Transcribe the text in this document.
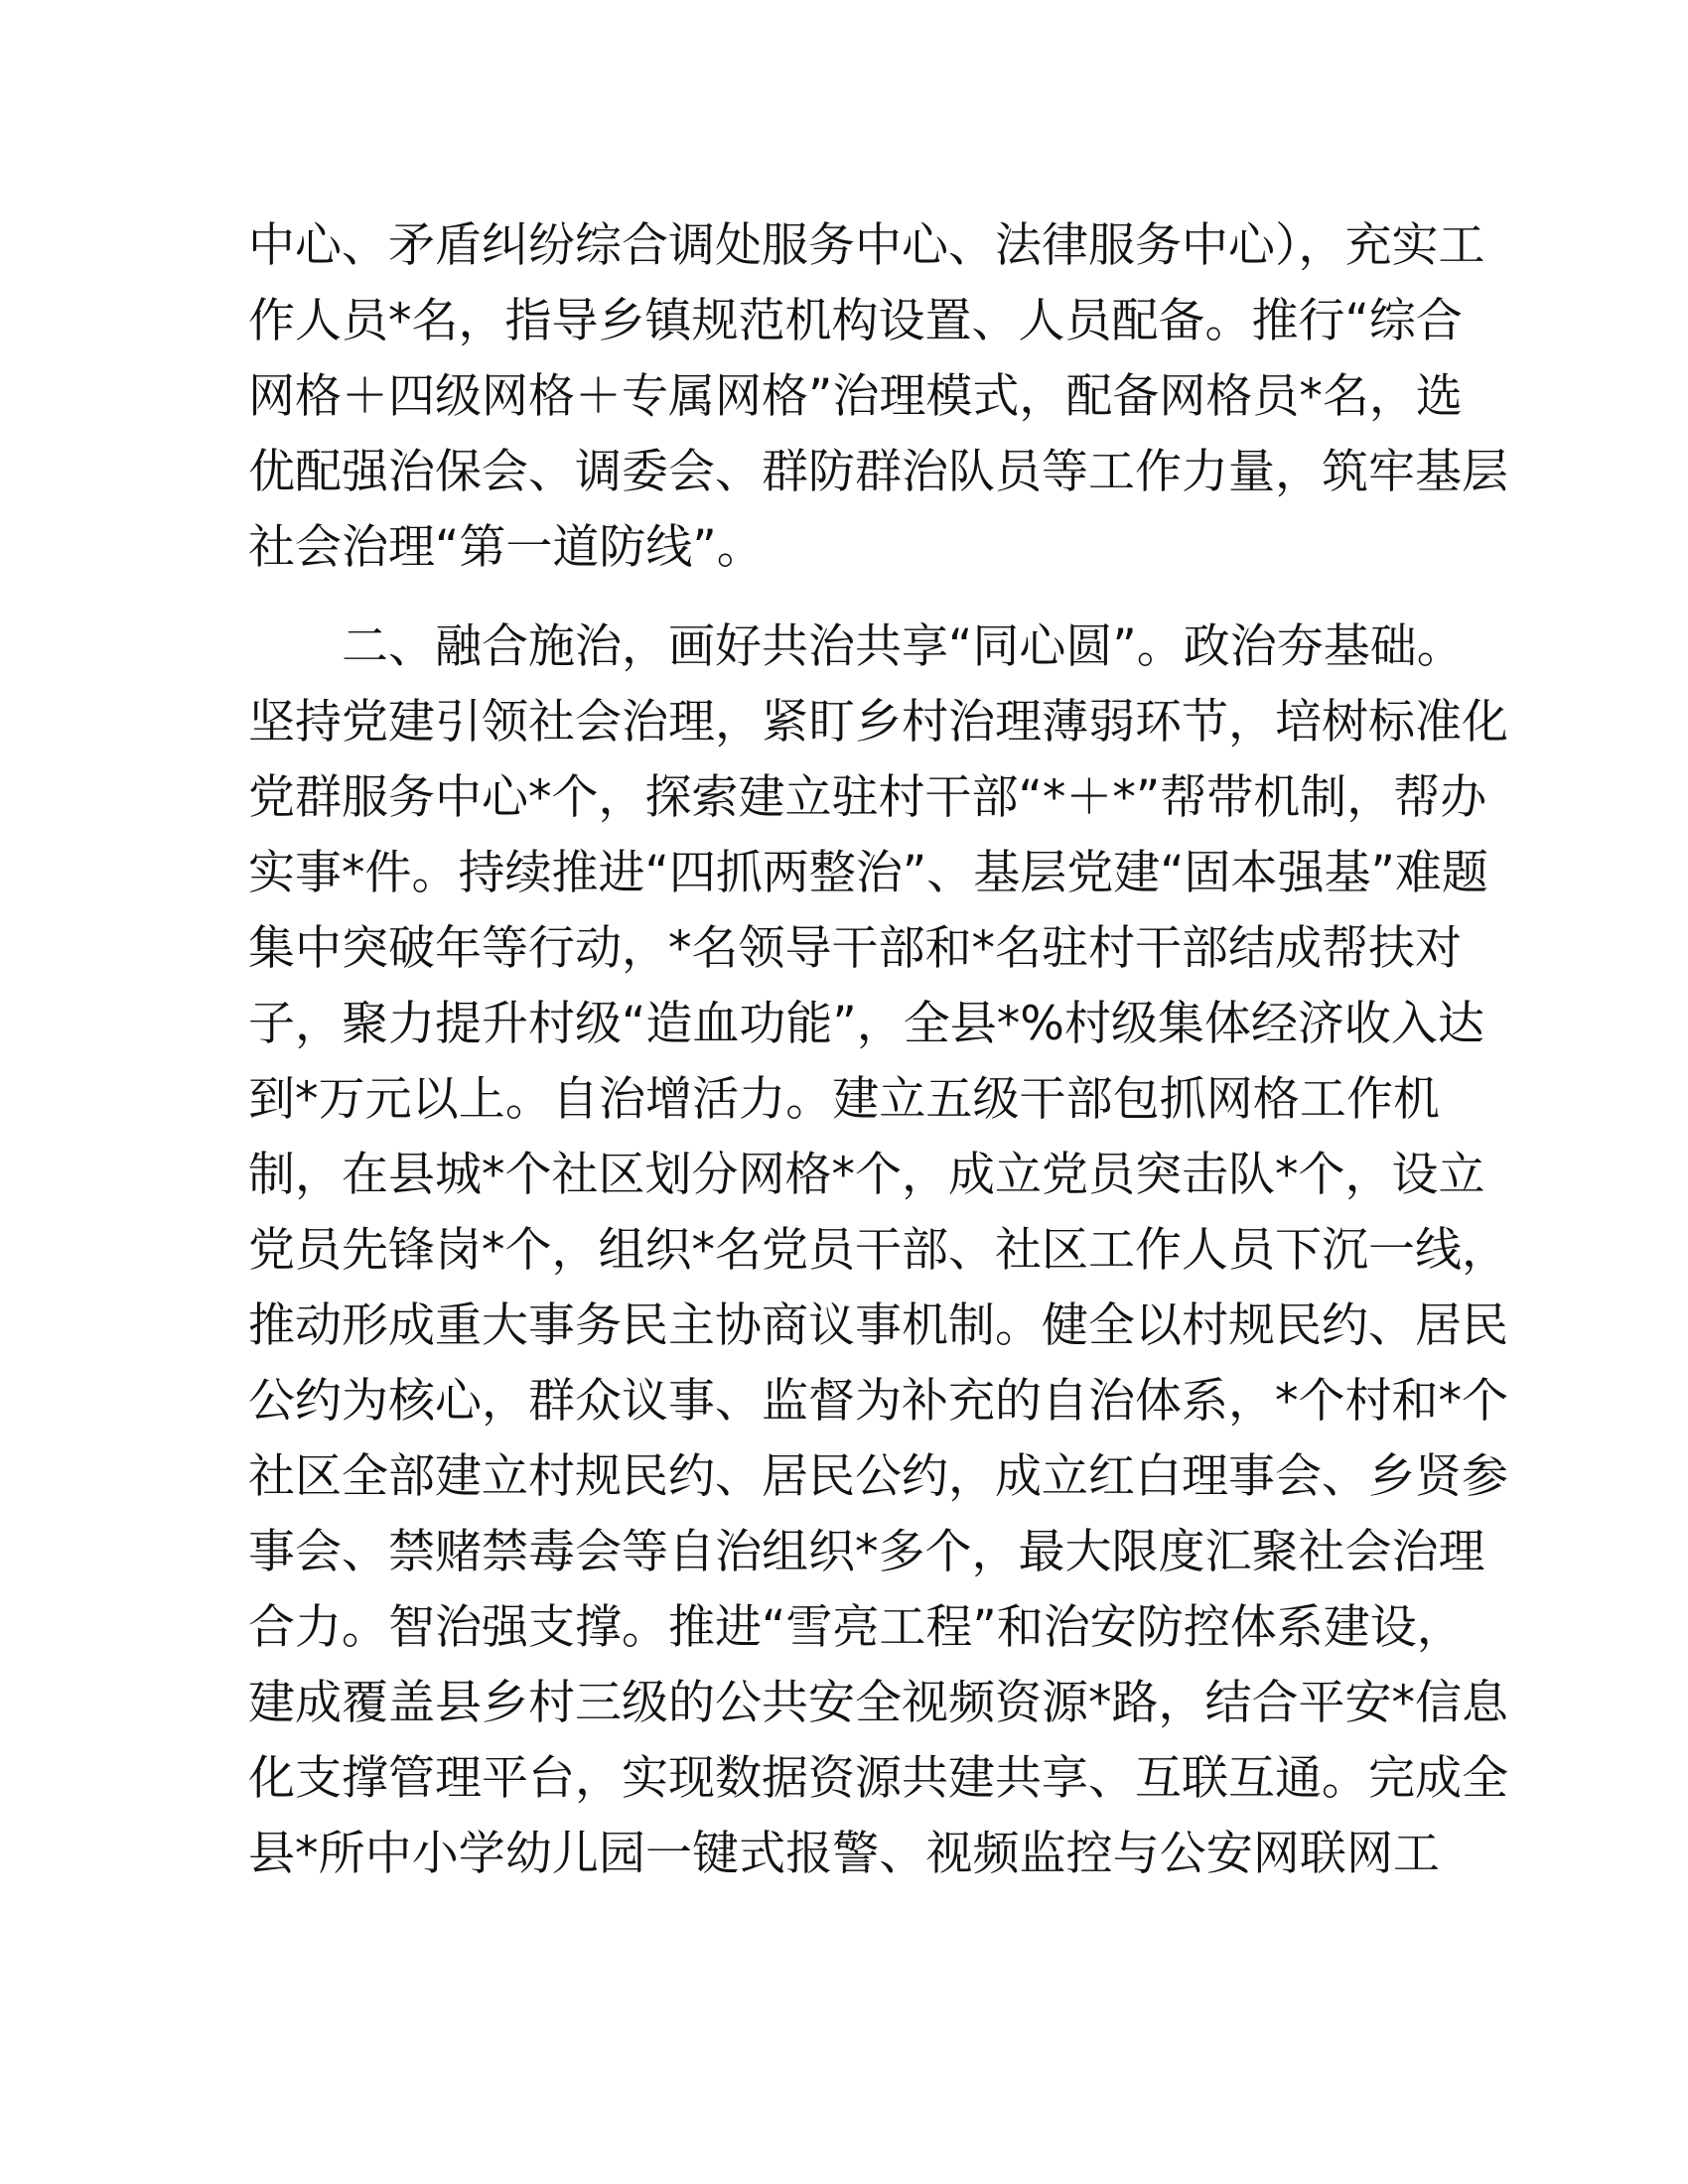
中心、矛盾纠纷综合调处服务中心、法律服务中心），充实工
作人员*名，指导乡镇规范机构设置、人员配备。推行“综合
网格＋四级网格＋专属网格”治理模式，配备网格员*名，选
优配强治保会、调委会、群防群治队员等工作力量，筑牢基层
社会治理“第一道防线”。
二、融合施治，画好共治共享“同心圆”。政治夯基础。
坚持党建引领社会治理，紧盯乡村治理薄弱环节，培树标准化
党群服务中心*个，探索建立驻村干部“*＋*”帮带机制，帮办
实事*件。持续推进“四抓两整治”、基层党建“固本强基”难题
集中突破年等行动，*名领导干部和*名驻村干部结成帮扶对
子，聚力提升村级“造血功能”，全县*%村级集体经济收入达
到*万元以上。自治增活力。建立五级干部包抓网格工作机
制，在县城*个社区划分网格*个，成立党员突击队*个，设立
党员先锋岗*个，组织*名党员干部、社区工作人员下沉一线，
推动形成重大事务民主协商议事机制。健全以村规民约、居民
公约为核心，群众议事、监督为补充的自治体系，*个村和*个
社区全部建立村规民约、居民公约，成立红白理事会、乡贤参
事会、禁赌禁毒会等自治组织*多个，最大限度汇聚社会治理
合力。智治强支撑。推进“雪亮工程”和治安防控体系建设，
建成覆盖县乡村三级的公共安全视频资源*路，结合平安*信息
化支撑管理平台，实现数据资源共建共享、互联互通。完成全
县*所中小学幼儿园一键式报警、视频监控与公安网联网工
